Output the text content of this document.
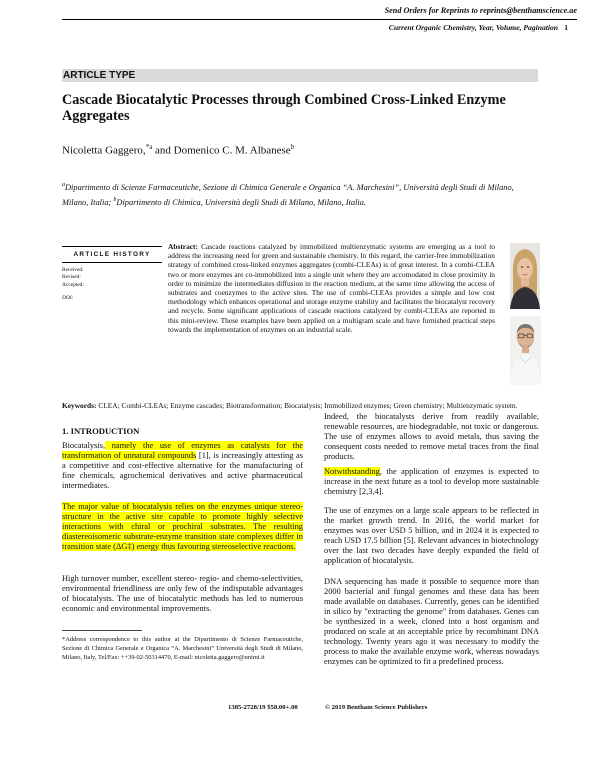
Send Orders for Reprints to reprints@benthamscience.ae
Current Organic Chemistry, Year, Volume, Pagination 1
ARTICLE TYPE
Cascade Biocatalytic Processes through Combined Cross-Linked Enzyme Aggregates
Nicoletta Gaggero,$^{*a}$ and Domenico C. M. Albanese$^b$
$^a$Dipartimento di Scienze Farmaceutiche, Sezione di Chimica Generale e Organica “A. Marchesini”, Università degli Studi di Milano, Milano, Italia; $^b$Dipartimento di Chimica, Università degli Studi di Milano, Milano, Italia.
ARTICLE HISTORY
Received:
Revised:
Accepted:
DOI:
Abstract: Cascade reactions catalyzed by immobilized multienzymatic systems are emerging as a tool to address the increasing need for green and sustainable chemistry. In this regard, the carrier-free immobilization strategy of combined cross-linked enzymes aggregates (combi-CLEAs) is of great interest. In a combi-CLEA two or more enzymes are co-immobilized into a single unit where they are accomodated in close proximity in order to minimize the intermediates diffusion in the reaction medium, at the same time allowing the access of substrates and coenzymes to the active sites. The use of combi-CLEAs provides a simple and low cost methodology which enhances operational and storage enzyme stability and facilitates the biocatalyst recovery and recycle. Some significant applications of cascade reactions catalyzed by combi-CLEAs are reported in this mini-review. These examples have been applied on a multigram scale and have furnished practical steps towards the implementation of enzymes on an industrial scale.
Keywords: CLEA; Combi-CLEAs; Enzyme cascades; Biotransformation; Biocatalysis; Immobilized enzymes; Green chemistry; Multienzymatic system.
1. INTRODUCTION

Biocatalysis, namely the use of enzymes as catalysts for the transformation of unnatural compounds [1], is increasingly attesting as a competitive and cost-effective alternative for the manufacturing of fine chemicals, agrochemical derivatives and active pharmaceutical intermediates.

The major value of biocatalysis relies on the enzymes unique stereo-structure in the active site capable to promote highly selective interactions with chiral or prochiral substrates. The resulting diastereoisomeric substrate-enzyme transition state complexes differ in transition state (ΔG‡) energy thus favouring stereoselective reactions.

High turnover number, excellent stereo- regio- and chemo-selectivities, environmental friendliness are only few of the indisputable advantages of biocatalysts. The use of biocatalytic methods has led to numerous economic and environmental improvements.

*Address correspondence to this author at the Dipartimento di Scienze Farmaceutiche, Sezione di Chimica Generale e Organica “A. Marchesini” Università degli Studi di Milano, Milano, Italy, Tel/Fax: ++39-02-50314470, E-mail: nicoletta.gaggero@unimi.it

Indeed, the biocatalysts derive from readily available, renewable resources, are biodegradable, not toxic or dangerous. The use of enzymes allows to avoid metals, thus saving the consequent costs needed to remove metal traces from the final products.

Notwithstanding, the application of enzymes is expected to increase in the next future as a tool to develop more sustainable chemistry [2,3,4].

The use of enzymes on a large scale appears to be reflected in the market growth trend. In 2016, the world market for enzymes was over USD 5 billion, and in 2024 it is expected to reach USD 17.5 billion [5]. Relevant advances in biotechnology over the last two decades have deeply expanded the field of application of biocatalysis.

DNA sequencing has made it possible to sequence more than 2000 bacterial and fungal genomes and these data has been made available on databases. Currently, genes can be identified in silico by "extracting the genome" from databases. Genes can be synthesized in a week, cloned into a host organism and produced on scale at an acceptable price by recombinant DNA technology. Twenty years ago it was necessary to modify the process to make the available enzyme work, whereas nowadays enzymes can be optimized to fit a predefined process.

1385-2728/19 $58.00+.00	© 2019 Bentham Science Publishers
